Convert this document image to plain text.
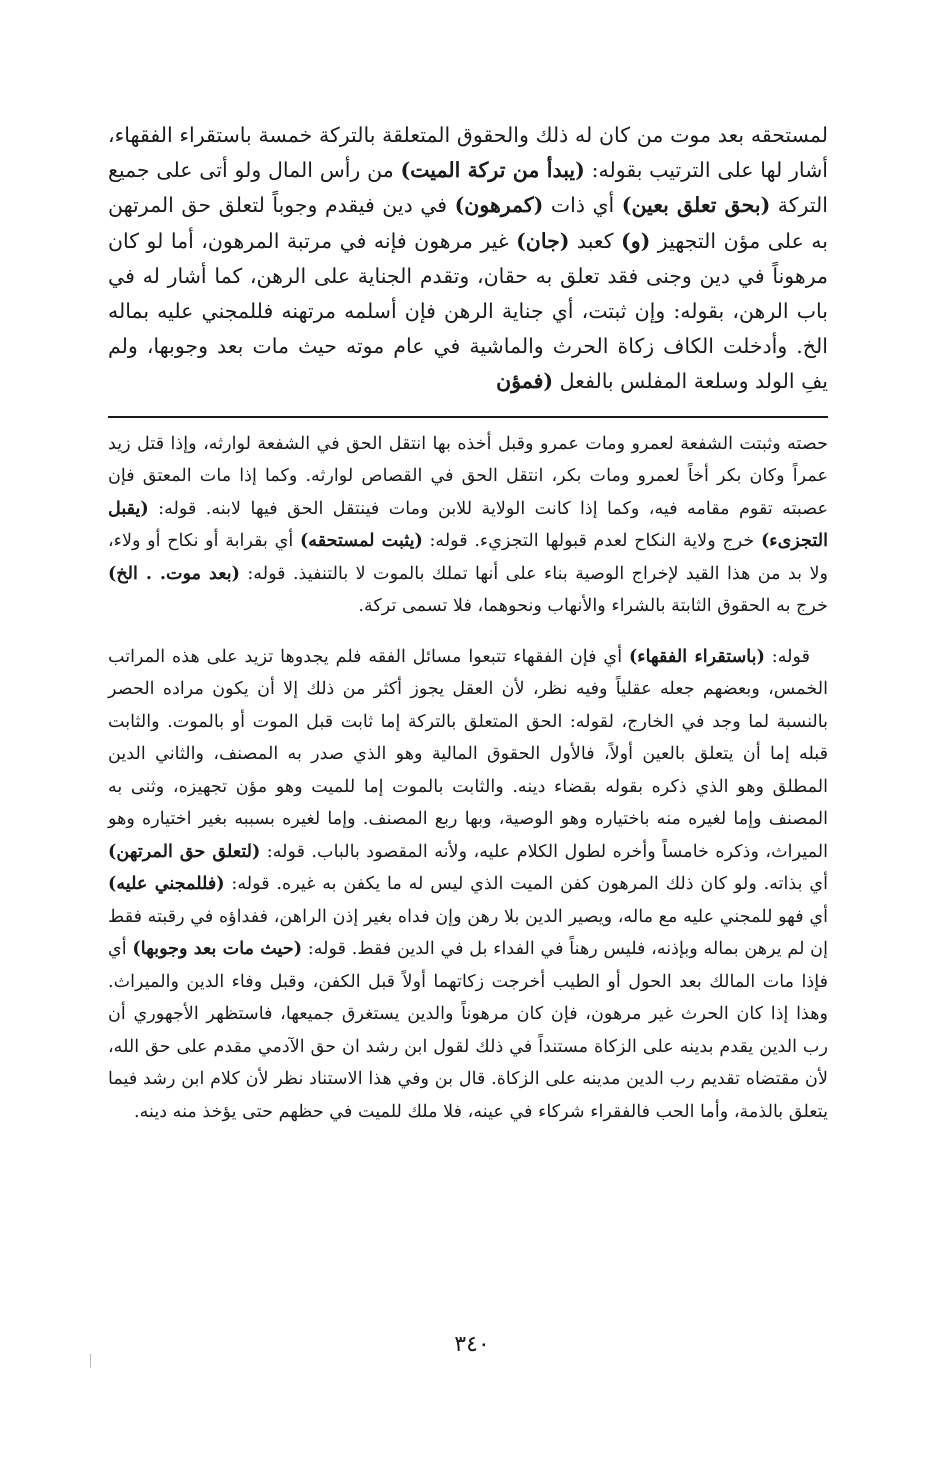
لمستحقه بعد موت من كان له ذلك والحقوق المتعلقة بالتركة خمسة باستقراء الفقهاء، أشار لها على الترتيب بقوله: (يبدأ من تركة الميت) من رأس المال ولو أتى على جميع التركة (بحق تعلق بعين) أي ذات (كمرهون) في دين فيقدم وجوباً لتعلق حق المرتهن به على مؤن التجهيز (و) كعبد (جان) غير مرهون فإنه في مرتبة المرهون، أما لو كان مرهوناً في دين وجنى فقد تعلق به حقان، وتقدم الجناية على الرهن، كما أشار له في باب الرهن، بقوله: وإن ثبتت، أي جناية الرهن فإن أسلمه مرتهنه فللمجني عليه بماله الخ. وأدخلت الكاف زكاة الحرث والماشية في عام موته حيث مات بعد وجوبها، ولم يفِ الولد وسلعة المفلس بالفعل (فمؤن

حصته وثبتت الشفعة لعمرو ومات عمرو وقبل أخذه بها انتقل الحق في الشفعة لوارثه، وإذا قتل زيد عمراً وكان بكر أخاً لعمرو ومات بكر، انتقل الحق في القصاص لوارثه. وكما إذا مات المعتق فإن عصبته تقوم مقامه فيه، وكما إذا كانت الولاية للابن ومات فينتقل الحق فيها لابنه. قوله: (يقبل التجزىء) خرج ولاية النكاح لعدم قبولها التجزيء. قوله: (يثبت لمستحقه) أي بقرابة أو نكاح أو ولاء، ولا بد من هذا القيد لإخراج الوصية بناء على أنها تملك بالموت لا بالتنفيذ. قوله: (بعد موت. . الخ) خرج به الحقوق الثابتة بالشراء والأنهاب ونحوهما، فلا تسمى تركة.

قوله: (باستقراء الفقهاء) أي فإن الفقهاء تتبعوا مسائل الفقه فلم يجدوها تزيد على هذه المراتب الخمس، وبعضهم جعله عقلياً وفيه نظر، لأن العقل يجوز أكثر من ذلك إلا أن يكون مراده الحصر بالنسبة لما وجد في الخارج، لقوله: الحق المتعلق بالتركة إما ثابت قبل الموت أو بالموت. والثابت قبله إما أن يتعلق بالعين أولاً، فالأول الحقوق المالية وهو الذي صدر به المصنف، والثاني الدين المطلق وهو الذي ذكره بقوله بقضاء دينه. والثابت بالموت إما للميت وهو مؤن تجهيزه، وثنى به المصنف وإما لغيره منه باختياره وهو الوصية، وبها ربع المصنف. وإما لغيره بسببه بغير اختياره وهو الميراث، وذكره خامساً وأخره لطول الكلام عليه، ولأنه المقصود بالباب. قوله: (لتعلق حق المرتهن) أي بذاته. ولو كان ذلك المرهون كفن الميت الذي ليس له ما يكفن به غيره. قوله: (فللمجني عليه) أي فهو للمجني عليه مع ماله، ويصير الدين بلا رهن وإن فداه بغير إذن الراهن، ففداؤه في رقبته فقط إن لم يرهن بماله وبإذنه، فليس رهناً في الفداء بل في الدين فقط. قوله: (حيث مات بعد وجوبها) أي فإذا مات المالك بعد الحول أو الطيب أخرجت زكاتهما أولاً قبل الكفن، وقبل وفاء الدين والميراث. وهذا إذا كان الحرث غير مرهون، فإن كان مرهوناً والدين يستغرق جميعها، فاستظهر الأجهوري أن رب الدين يقدم بدينه على الزكاة مستنداً في ذلك لقول ابن رشد ان حق الآدمي مقدم على حق الله، لأن مقتضاه تقديم رب الدين مدينه على الزكاة. قال بن وفي هذا الاستناد نظر لأن كلام ابن رشد فيما يتعلق بالذمة، وأما الحب فالفقراء شركاء في عينه، فلا ملك للميت في حظهم حتى يؤخذ منه دينه.

٣٤٠
